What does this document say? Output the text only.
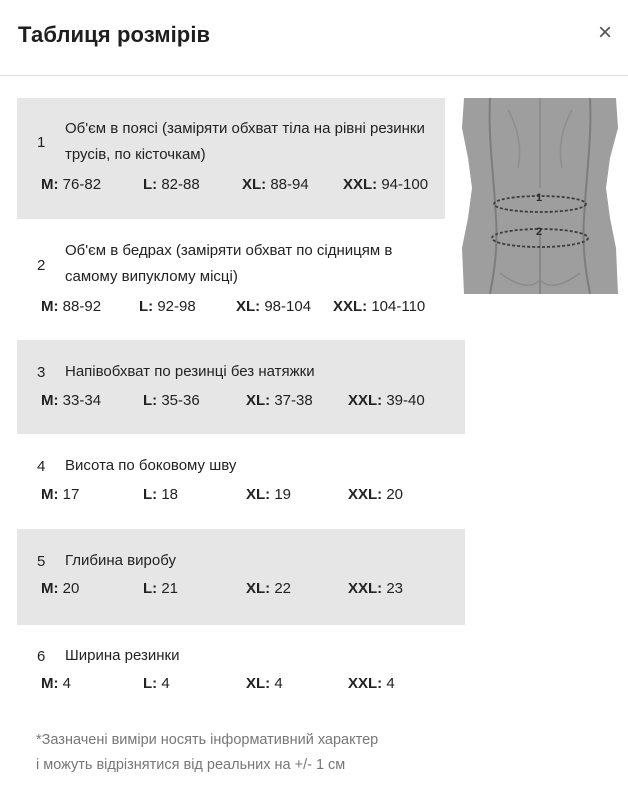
Таблиця розмірів	×
1
Об'єм в поясі (заміряти обхват тіла на рівні резинки трусів, по кісточкам)
M: 76-82	L: 82-88	XL: 88-94 XXL: 94-100
2
Об'єм в бедрах (заміряти обхват по сідницям в самому випуклому місці)
M: 88-92	L: 92-98	XL: 98-104 XXL: 104-110
3 Напівобхват по резинці без натяжки
M: 33-34	L: 35-36	XL: 37-38 XXL: 39-40
4 Висота по боковому шву
M: 17	L: 18	XL: 19	XXL: 20
5 Глибина виробу
M: 20	L: 21	XL: 22	XXL: 23
6 Ширина резинки
M: 4	L: 4	XL: 4	XXL: 4
1
2
*Зазначені виміри носять інформативний характер
і можуть відрізнятися від реальних на +/- 1 см
